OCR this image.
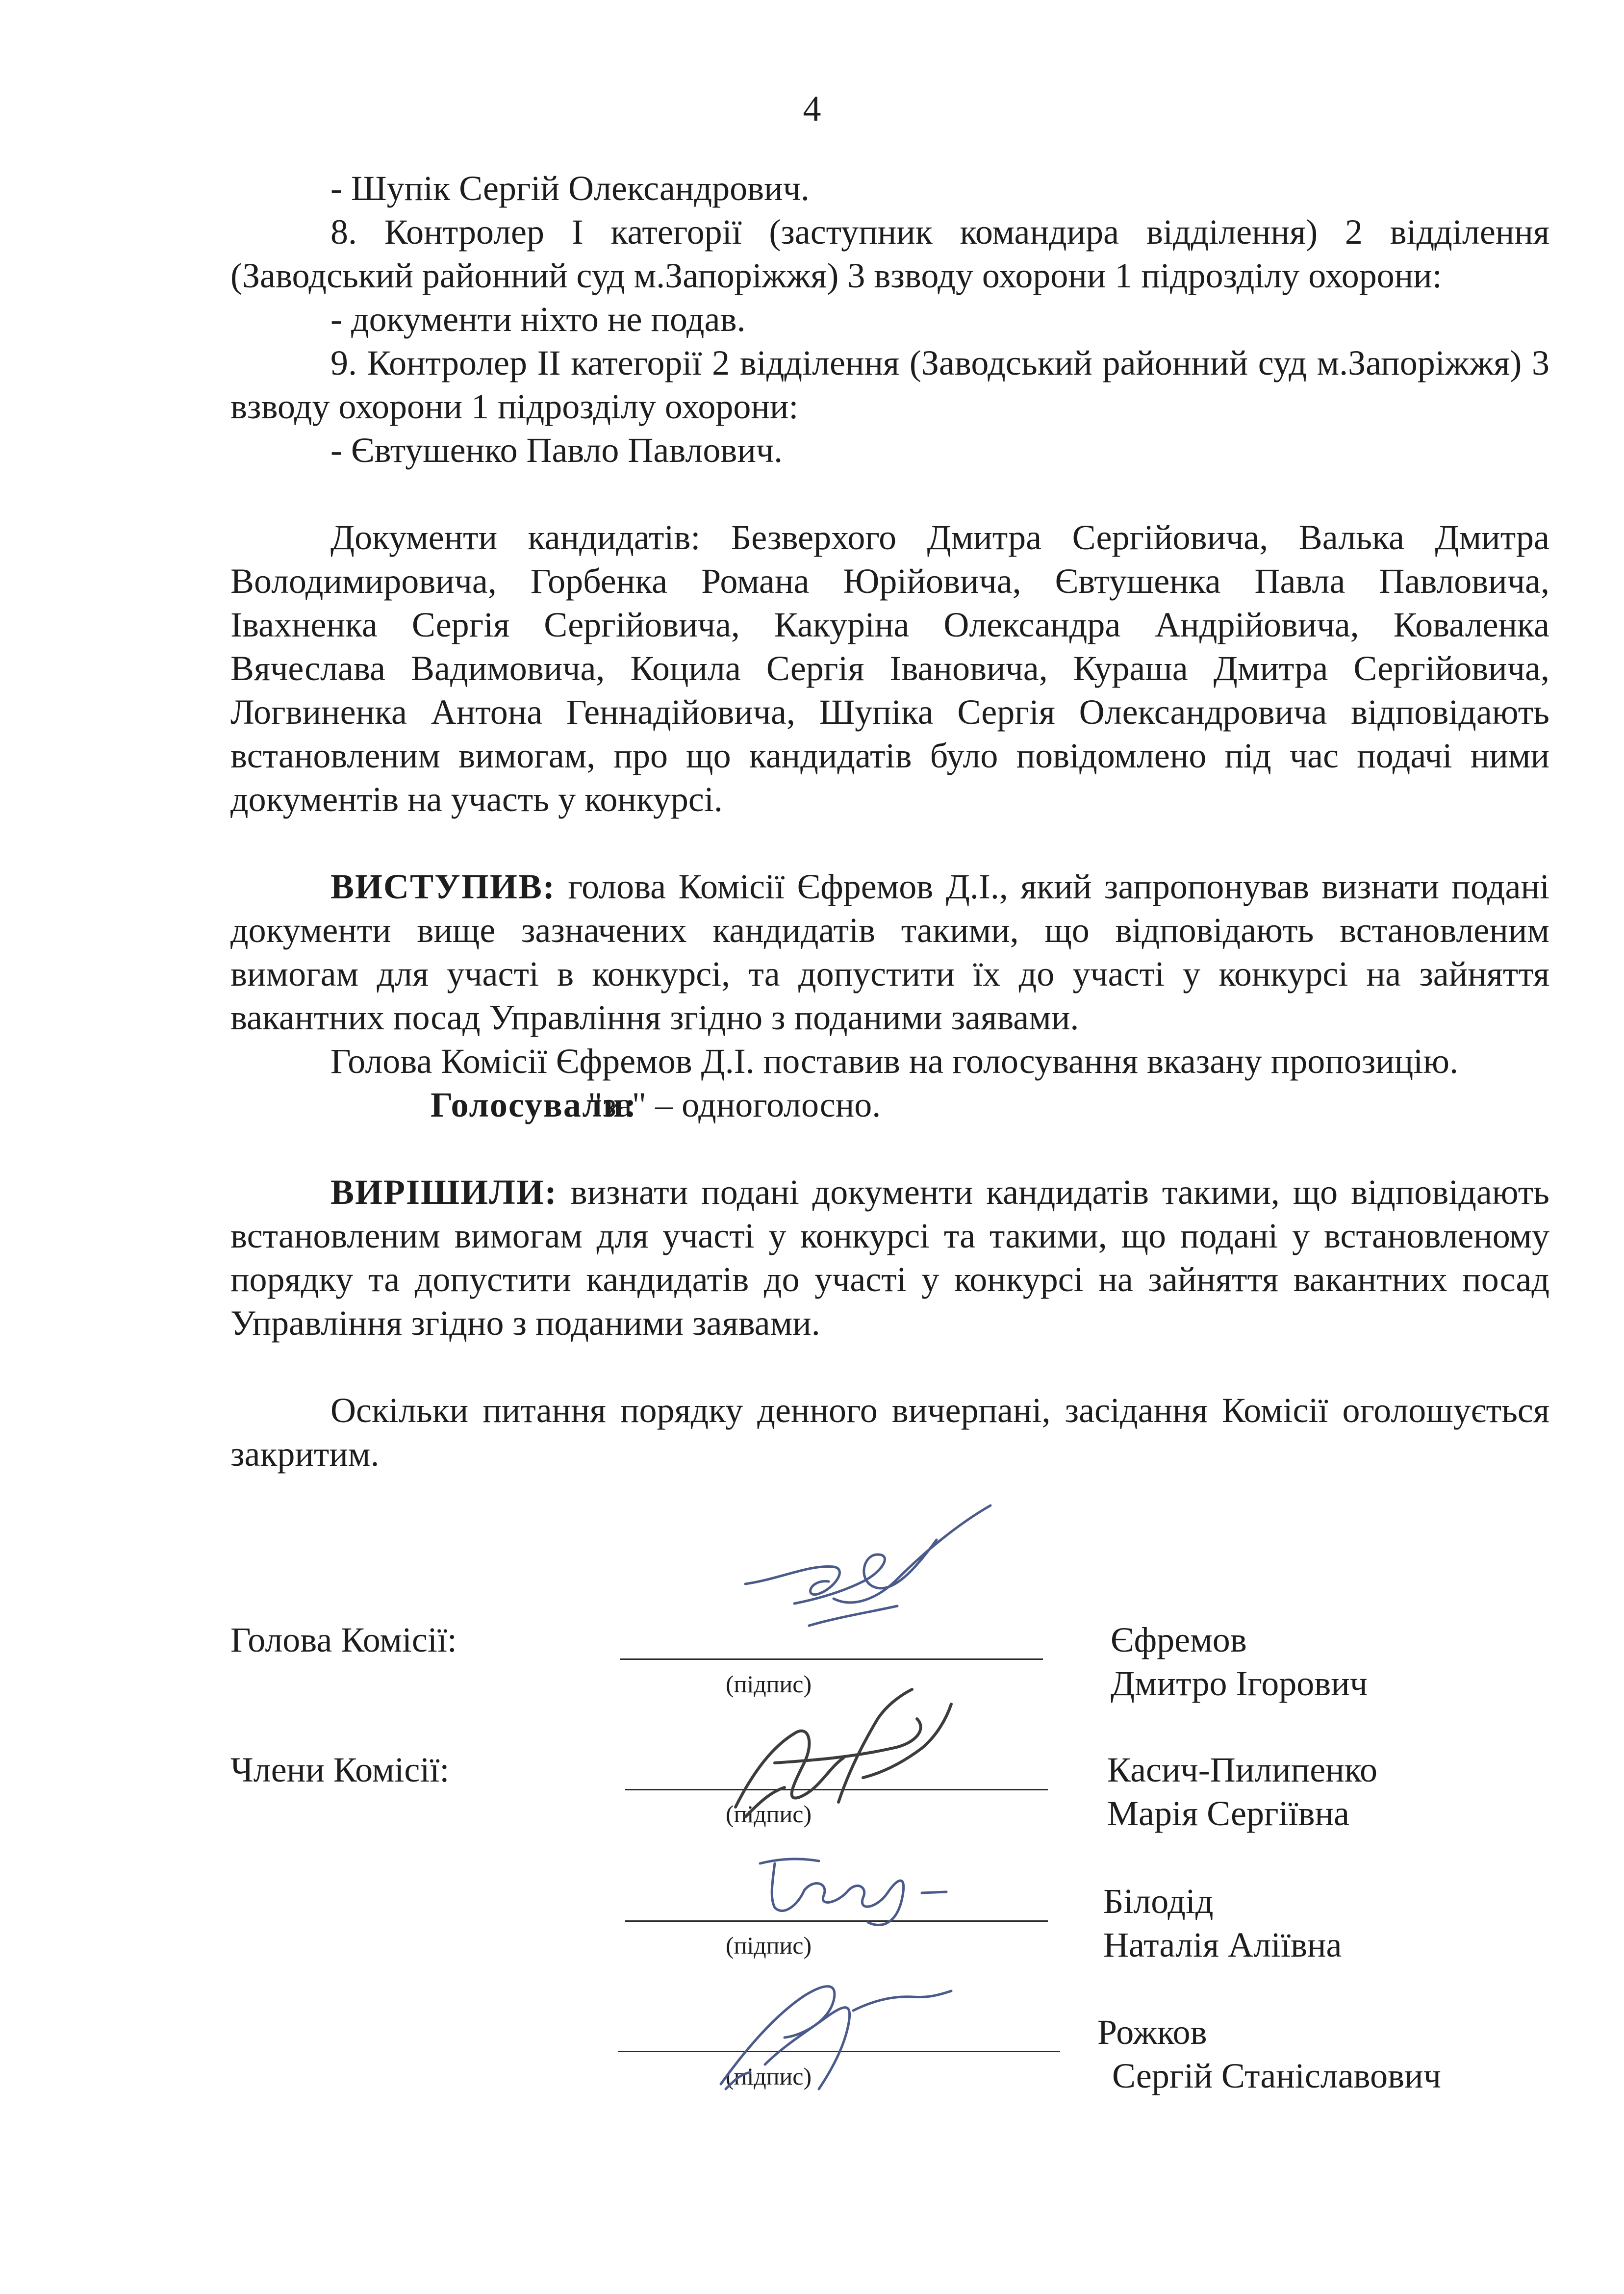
4

- Шупік Сергій Олександрович.

8. Контролер І категорії (заступник командира відділення) 2 відділення (Заводський районний суд м.Запоріжжя) 3 взводу охорони 1 підрозділу охорони:

- документи ніхто не подав.

9. Контролер ІІ категорії 2 відділення (Заводський районний суд м.Запоріжжя) 3 взводу охорони 1 підрозділу охорони:

- Євтушенко Павло Павлович.

Документи кандидатів: Безверхого Дмитра Сергійовича, Валька Дмитра Володимировича, Горбенка Романа Юрійовича, Євтушенка Павла Павловича, Івахненка Сергія Сергійовича, Какуріна Олександра Андрійовича, Коваленка Вячеслава Вадимовича, Коцила Сергія Івановича, Кураша Дмитра Сергійовича, Логвиненка Антона Геннадійовича, Шупіка Сергія Олександровича відповідають встановленим вимогам, про що кандидатів було повідомлено під час подачі ними документів на участь у конкурсі.

ВИСТУПИВ: голова Комісії Єфремов Д.І., який запропонував визнати подані документи вище зазначених кандидатів такими, що відповідають встановленим вимогам для участі в конкурсі, та допустити їх до участі у конкурсі на зайняття вакантних посад Управління згідно з поданими заявами.

Голова Комісії Єфремов Д.І. поставив на голосування вказану пропозицію.

Голосували:"за" – одноголосно.

ВИРІШИЛИ: визнати подані документи кандидатів такими, що відповідають встановленим вимогам для участі у конкурсі та такими, що подані у встановленому порядку та допустити кандидатів до участі у конкурсі на зайняття вакантних посад Управління згідно з поданими заявами.

Оскільки питання порядку денного вичерпані, засідання Комісії оголошується закритим.

Голова Комісії:
(підпис)
Єфремов
Дмитро Ігорович
Члени Комісії:
(підпис)
Касич-Пилипенко
Марія Сергіївна
(підпис)
Білодід
Наталія Аліївна
(підпис)
Рожков
Сергій Станіславович
